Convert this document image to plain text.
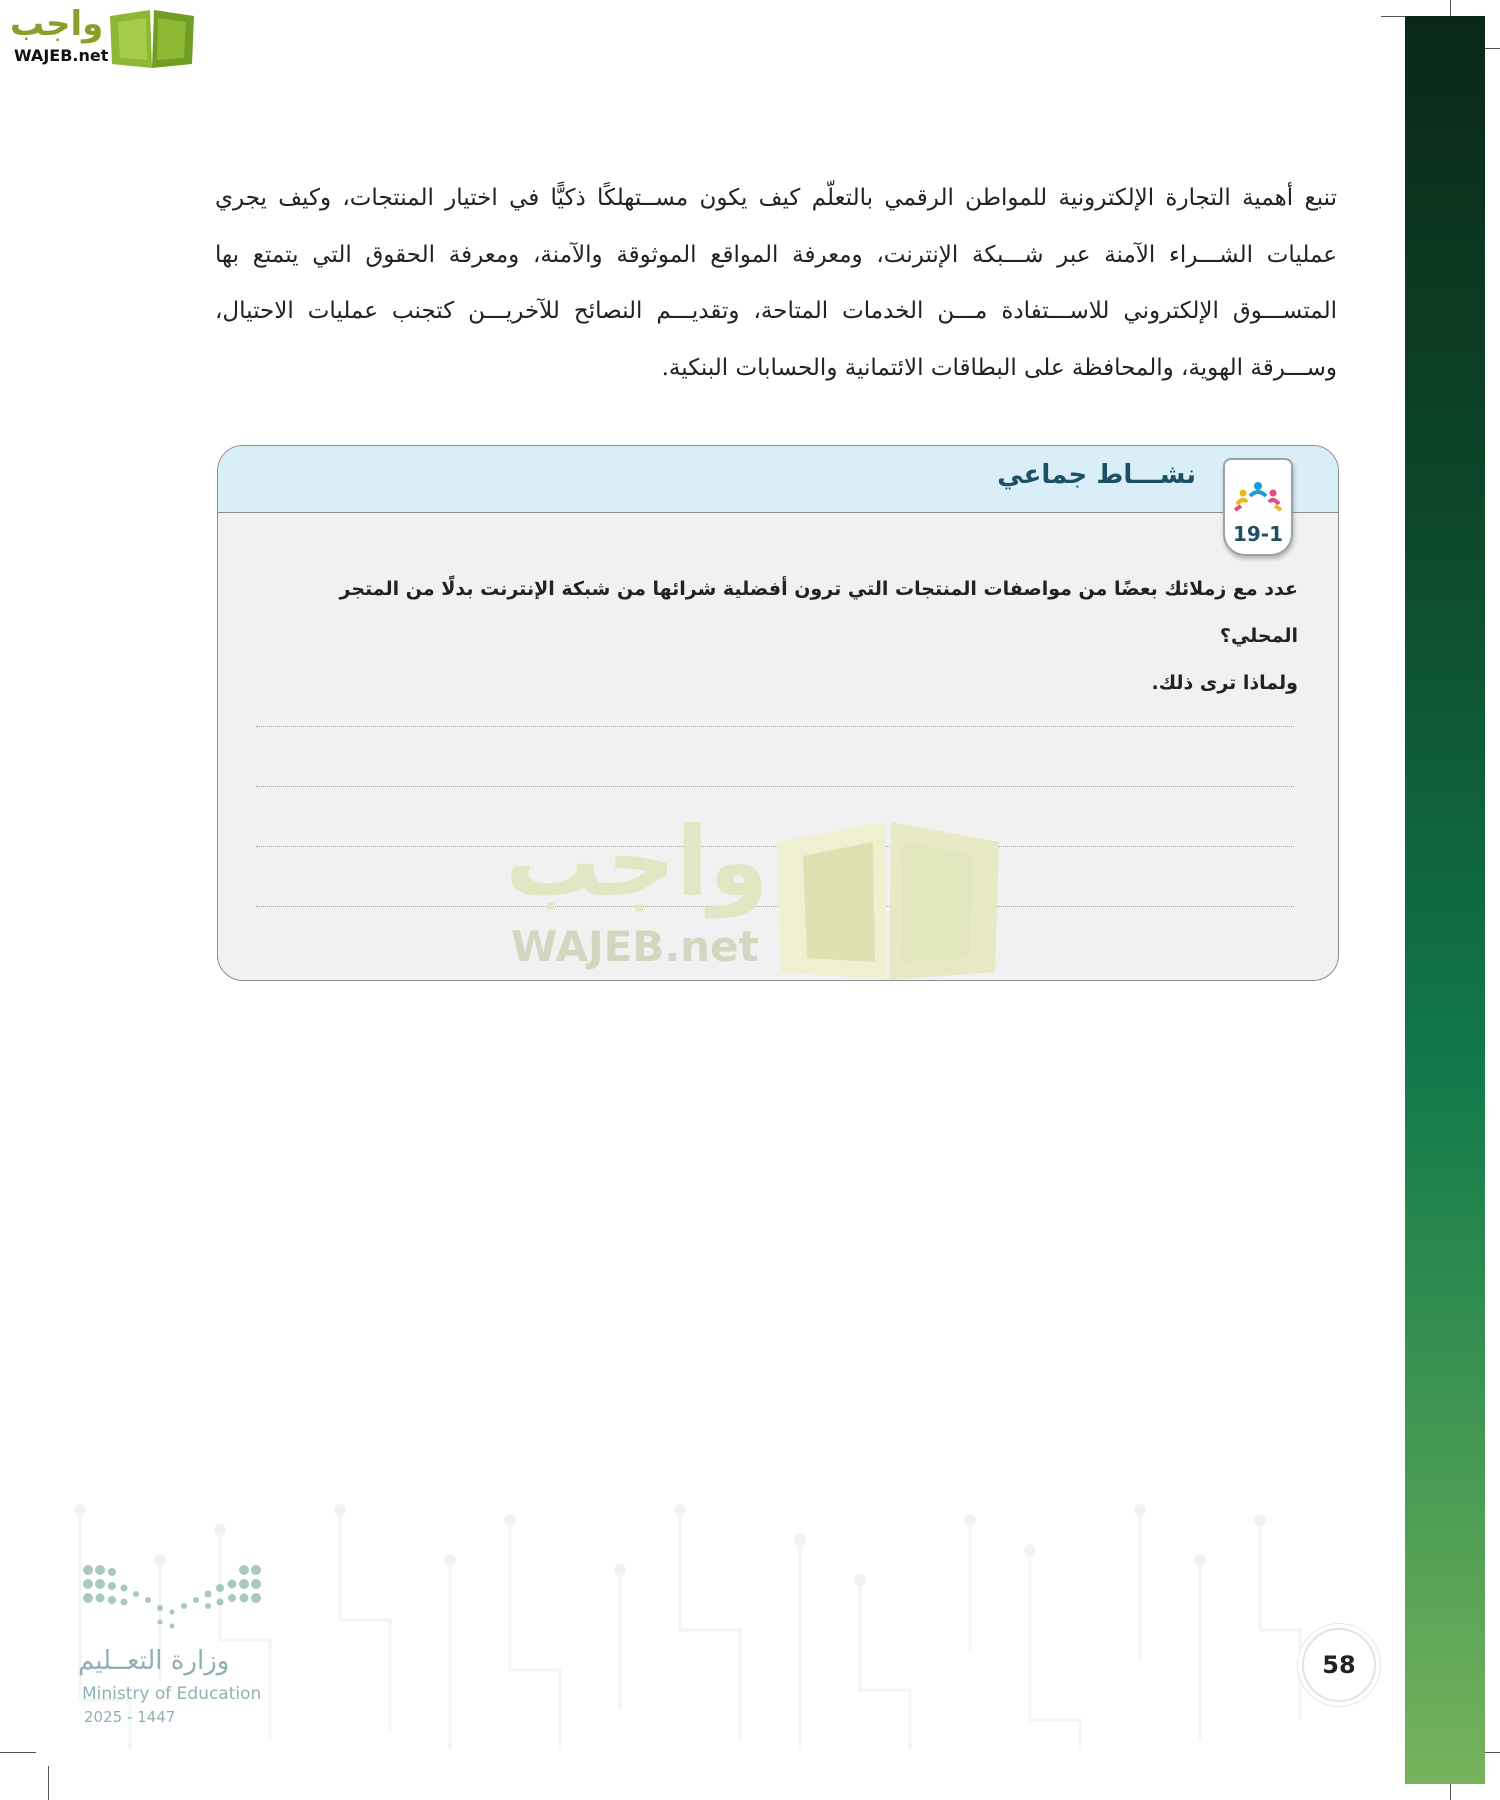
واجب
WAJEB.net
تنبع أهمية التجارة الإلكترونية للمواطن الرقمي بالتعلّم كيف يكون مســتهلكًا ذكيًّا في اختيار المنتجات، وكيف يجري عمليات الشـــراء الآمنة عبر شـــبكة الإنترنت، ومعرفة المواقع الموثوقة والآمنة، ومعرفة الحقوق التي يتمتع بها المتســـوق الإلكتروني للاســـتفادة مـــن الخدمات المتاحة، وتقديـــم النصائح للآخريـــن كتجنب عمليات الاحتيال، وســـرقة الهوية، والمحافظة على البطاقات الائتمانية والحسابات البنكية.
نشـــاط جماعي
عدد مع زملائك بعضًا من مواصفات المنتجات التي ترون أفضلية شرائها من شبكة الإنترنت بدلًا من المتجر المحلي؟
ولماذا ترى ذلك.
19-1
واجب
WAJEB.net
وزارة التعــليم
Ministry of Education
2025 - 1447
58
